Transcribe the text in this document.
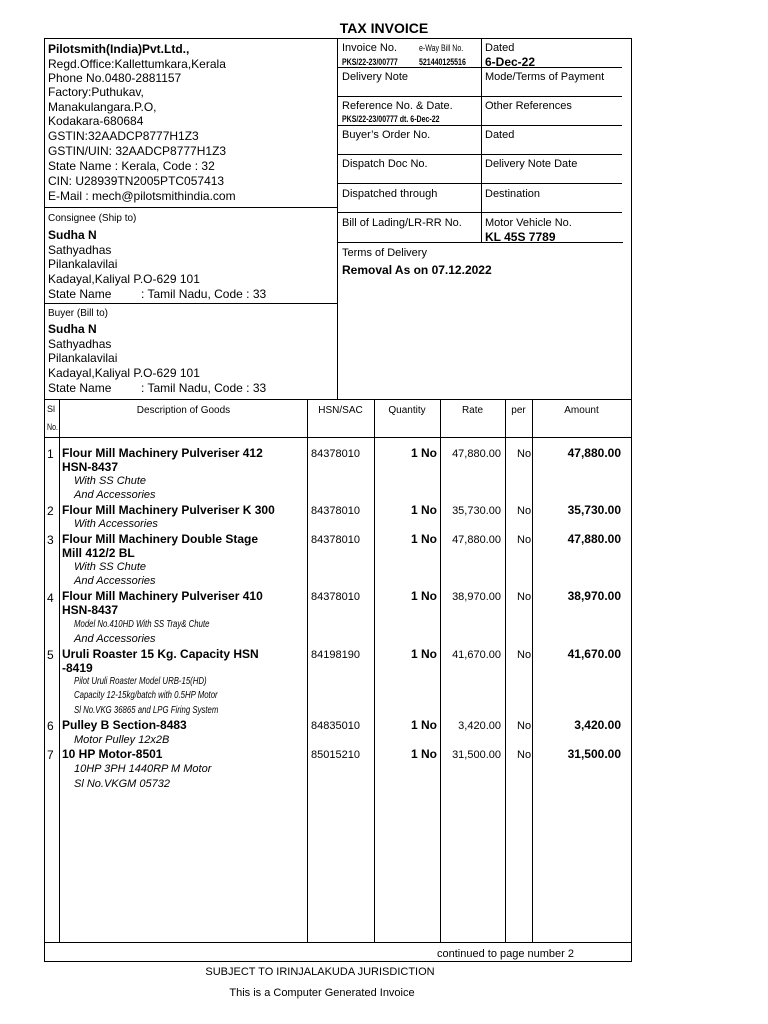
TAX INVOICE
Pilotsmith(India)Pvt.Ltd.,
Regd.Office:Kallettumkara,Kerala
Phone No.0480-2881157
Factory:Puthukav,
Manakulangara.P.O,
Kodakara-680684
GSTIN:32AADCP8777H1Z3
GSTIN/UIN: 32AADCP8777H1Z3
State Name : Kerala, Code : 32
CIN: U28939TN2005PTC057413
E-Mail : mech@pilotsmithindia.com
Consignee (Ship to)
Sudha N
Sathyadhas
Pilankalavilai
Kadayal,Kaliyal P.O-629 101
State Name : Tamil Nadu, Code : 33
Buyer (Bill to)
Sudha N
Sathyadhas
Pilankalavilai
Kadayal,Kaliyal P.O-629 101
State Name : Tamil Nadu, Code : 33
Invoice No. e-Way Bill No.
PKS/22-23/00777 521440125516
Dated
6-Dec-22
Delivery Note	Mode/Terms of Payment
Reference No. & Date.
PKS/22-23/00777 dt. 6-Dec-22
Other References
Buyer’s Order No.	Dated
Dispatch Doc No.	Delivery Note Date
Dispatched through	Destination
Bill of Lading/LR-RR No. Motor Vehicle No.
KL 45S 7789
Terms of Delivery
Removal As on 07.12.2022
Sl
No.
Description of Goods	HSN/SAC	Quantity	Rate	per	Amount
1 Flour Mill Machinery Pulveriser 412
HSN-8437
With SS Chute
And Accessories
84378010	1 No	47,880.00 No	47,880.00
2 Flour Mill Machinery Pulveriser K 300
With Accessories
84378010	1 No	35,730.00 No	35,730.00
3 Flour Mill Machinery Double Stage
Mill 412/2 BL
With SS Chute
And Accessories
84378010	1 No	47,880.00 No	47,880.00
4 Flour Mill Machinery Pulveriser 410
HSN-8437
Model No.410HD With SS Tray& Chute
And Accessories
84378010	1 No	38,970.00 No	38,970.00
5 Uruli Roaster 15 Kg. Capacity HSN
-8419
Pilot Uruli Roaster Model URB-15(HD)
Capacity 12-15kg/batch with 0.5HP Motor
Sl No.VKG 36865 and LPG Firing System
84198190	1 No	41,670.00 No	41,670.00
6 Pulley B Section-8483
Motor Pulley 12x2B
84835010	1 No	3,420.00 No	3,420.00
7 10 HP Motor-8501
10HP 3PH 1440RP M Motor
Sl No.VKGM 05732
85015210	1 No	31,500.00 No	31,500.00
continued to page number 2
SUBJECT TO IRINJALAKUDA JURISDICTION
This is a Computer Generated Invoice
